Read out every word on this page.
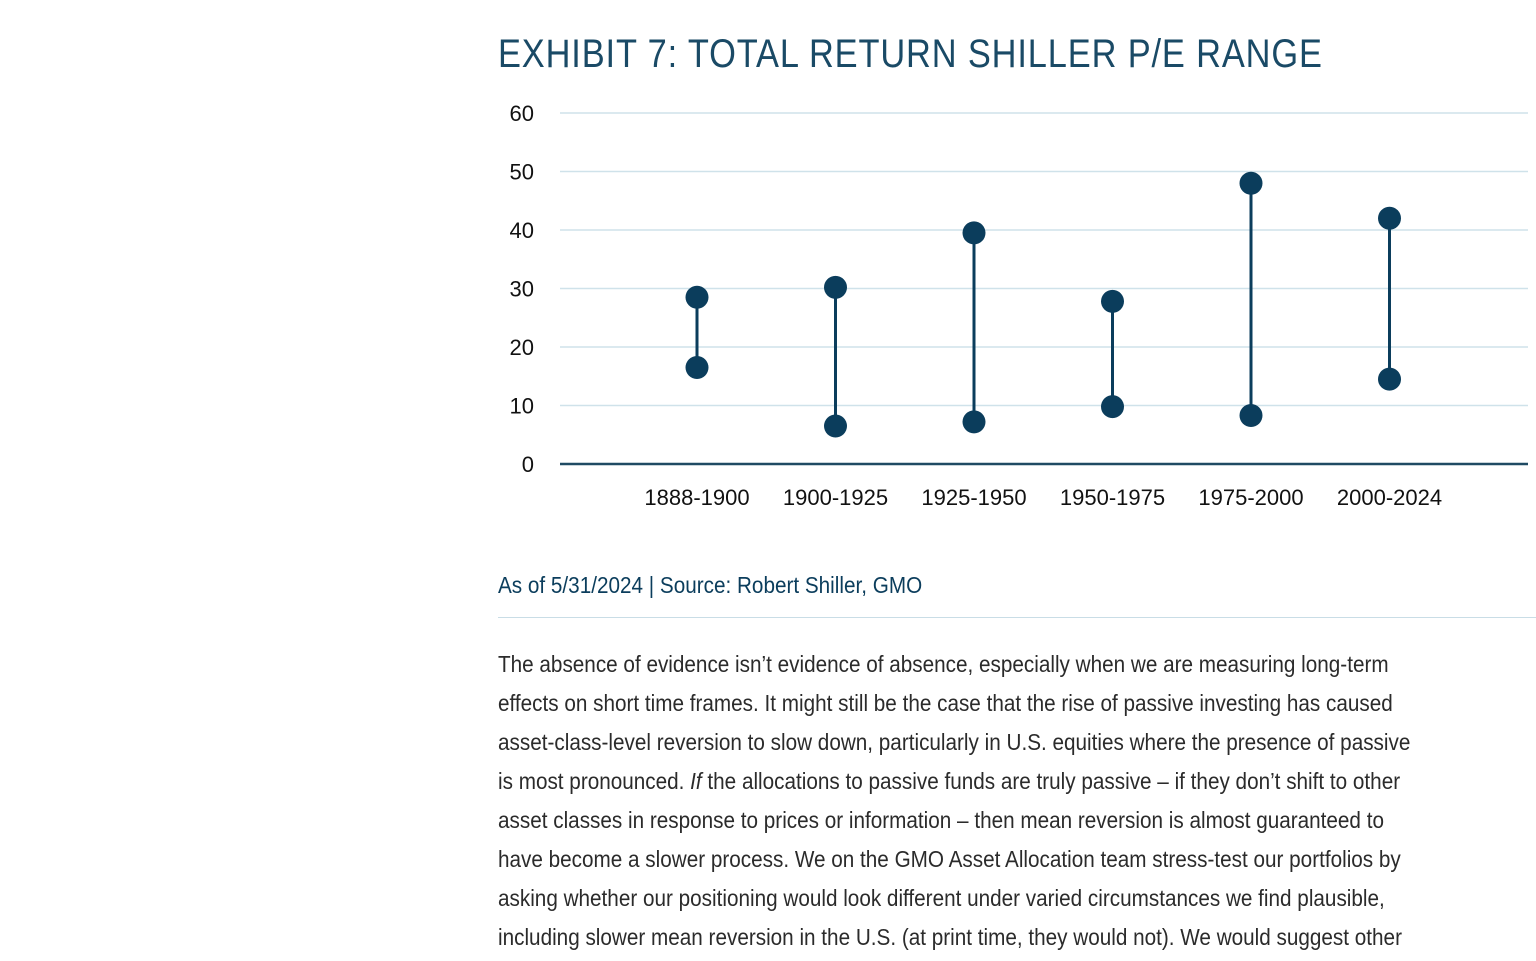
EXHIBIT 7: TOTAL RETURN SHILLER P/E RANGE
0
10
20
30
40
50
60
1888-1900 1900-1925 1925-1950 1950-1975 1975-2000 2000-2024
As of 5/31/2024 | Source: Robert Shiller, GMO
The absence of evidence isn’t evidence of absence, especially when we are measuring long-term
effects on short time frames. It might still be the case that the rise of passive investing has caused
asset-class-level reversion to slow down, particularly in U.S. equities where the presence of passive
is most pronounced. If the allocations to passive funds are truly passive – if they don’t shift to other
asset classes in response to prices or information – then mean reversion is almost guaranteed to
have become a slower process. We on the GMO Asset Allocation team stress-test our portfolios by
asking whether our positioning would look different under varied circumstances we find plausible,
including slower mean reversion in the U.S. (at print time, they would not). We would suggest other
